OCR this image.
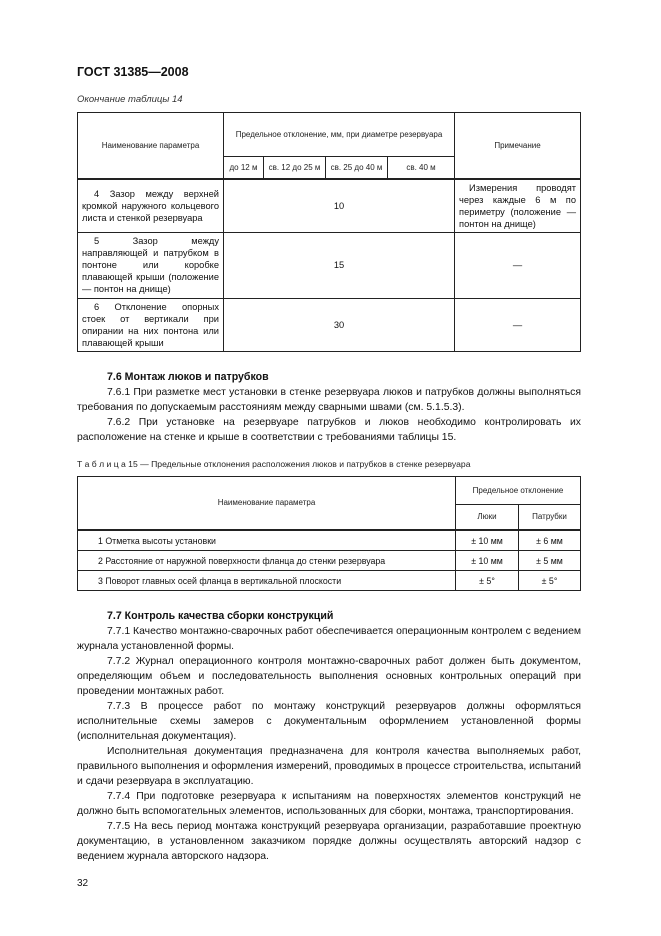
ГОСТ 31385—2008
Окончание таблицы 14
Наименование параметра	Предельное отклонение, мм, при диаметре резервуара				Примечание
	до 12 м	св. 12 до 25 м	св. 25 до 40 м	св. 40 м	
4 Зазор между верхней кромкой наружного кольцевого листа и стенкой резервуара	10				Измерения проводят через каждые 6 м по периметру (положение — понтон на днище)
5 Зазор между направляющей и патрубком в понтоне или коробке плавающей крыши (положение — понтон на днище)	15				—
6 Отклонение опорных стоек от вертикали при опирании на них понтона или плавающей крыши	30				—
7.6 Монтаж люков и патрубков

7.6.1 При разметке мест установки в стенке резервуара люков и патрубков должны выполняться требования по допускаемым расстояниям между сварными швами (см. 5.1.5.3).

7.6.2 При установке на резервуаре патрубков и люков необходимо контролировать их расположение на стенке и крыше в соответствии с требованиями таблицы 15.

Т а б л и ц а 15 — Предельные отклонения расположения люков и патрубков в стенке резервуара
Наименование параметра	Предельное отклонение	
	Люки	Патрубки
1 Отметка высоты установки	± 10 мм	± 6 мм
2 Расстояние от наружной поверхности фланца до стенки резервуара	± 10 мм	± 5 мм
3 Поворот главных осей фланца в вертикальной плоскости	± 5°	± 5°
7.7 Контроль качества сборки конструкций

7.7.1 Качество монтажно-сварочных работ обеспечивается операционным контролем с ведением журнала установленной формы.

7.7.2 Журнал операционного контроля монтажно-сварочных работ должен быть документом, определяющим объем и последовательность выполнения основных контрольных операций при проведении монтажных работ.

7.7.3 В процессе работ по монтажу конструкций резервуаров должны оформляться исполнительные схемы замеров с документальным оформлением установленной формы (исполнительная документация).

Исполнительная документация предназначена для контроля качества выполняемых работ, правильного выполнения и оформления измерений, проводимых в процессе строительства, испытаний и сдачи резервуара в эксплуатацию.

7.7.4 При подготовке резервуара к испытаниям на поверхностях элементов конструкций не должно быть вспомогательных элементов, использованных для сборки, монтажа, транспортирования.

7.7.5 На весь период монтажа конструкций резервуара организации, разработавшие проектную документацию, в установленном заказчиком порядке должны осуществлять авторский надзор с ведением журнала авторского надзора.

32
